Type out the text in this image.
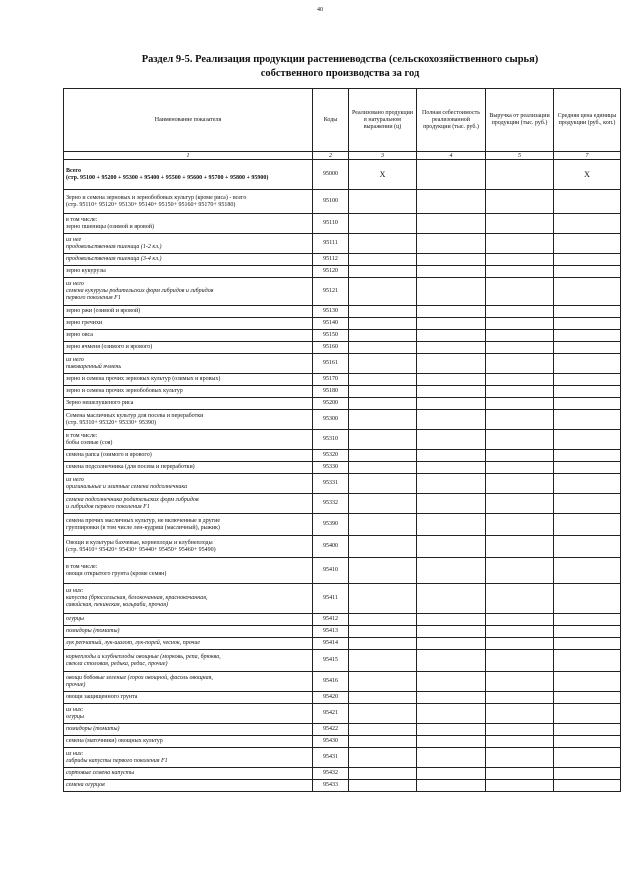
40
Раздел 9-5. Реализация продукции растениеводства (сельскохозяйственного сырья)
собственного производства за год
Наименование показателя	Коды	Реализовано продукции в натуральном выражении (ц)	Полная себестоимость реализованной продукции (тыс. руб.)	Выручка от реализации продукции (тыс. руб.)	Средняя цена единицы продукции (руб., коп.)
1	2	3	4	5	7
Всего
(стр. 95100 + 95200 + 95300 + 95400 + 95500 + 95600 + 95700 + 95800 + 95900)	95000	X			X
Зерно и семена зерновых и зернобобовых культур (кроме риса) - всего
(стр. 95110+ 95120+ 95130+ 95140+ 95150+ 95160+ 95170+ 95180)	95100				
в том числе:
зерно пшеницы (озимой и яровой)	95110				
из нее
продовольственная пшеница (1-2 кл.)	95111				
продовольственная пшеница (3-4 кл.)	95112				
зерно кукурузы	95120				
из него
семена кукурузы родительских форм гибридов и гибридов
первого поколения F1	95121				
зерно ржи (озимой и яровой)	95130				
зерно гречихи	95140				
зерно овса	95150				
зерно ячменя (озимого и ярового)	95160				
из него
пивоваренный ячмень	95161				
зерно и семена прочих зерновых культур (озимых и яровых)	95170				
зерно и семена прочих зернобобовых культур	95180				
Зерно нешелушеного риса	95200				
Семена масличных культур для посева и переработки
(стр. 95310+ 95320+ 95330+ 95390)	95300				
в том числе:
бобы соевые (соя)	95310				
семена рапса (озимого и ярового)	95320				
семена подсолнечника (для посева и переработки)	95330				
из него
оригинальные и элитные семена подсолнечника	95331				
семена подсолнечника родительских форм гибридов
и гибридов первого поколения F1	95332				
семена прочих масличных культур, не включенные в другие
группировки (в том числе лен-кудряш (масличный), рыжик)	95390				
Овощи и культуры бахчевые, корнеплоды и клубнеплоды
(стр. 95410+ 95420+ 95430+ 95440+ 95450+ 95460+ 95490)	95400				
в том числе:
овощи открытого грунта (кроме семян)	95410				
из них:
капуста (брюссельская, белокочанная, краснокочанная,
савойская, пекинская, кольраби, прочая)	95411				
огурцы	95412				
помидоры (томаты)	95413				
лук репчатый, лук-шалот, лук-порей, чеснок, прочие	95414				
корнеплоды и клубнеплоды овощные (морковь, репа, брюква,
свекла столовая, редька, редис, прочие)	95415				
овощи бобовые зеленые (горох овощной, фасоль овощная,
прочие)	95416				
овощи защищенного грунта	95420				
из них:
огурцы	95421				
помидоры (томаты)	95422				
семена (маточники) овощных культур	95430				
из них:
гибриды капусты первого поколения F1	95431				
сортовые семена капусты	95432				
семена огурцов	95433				
